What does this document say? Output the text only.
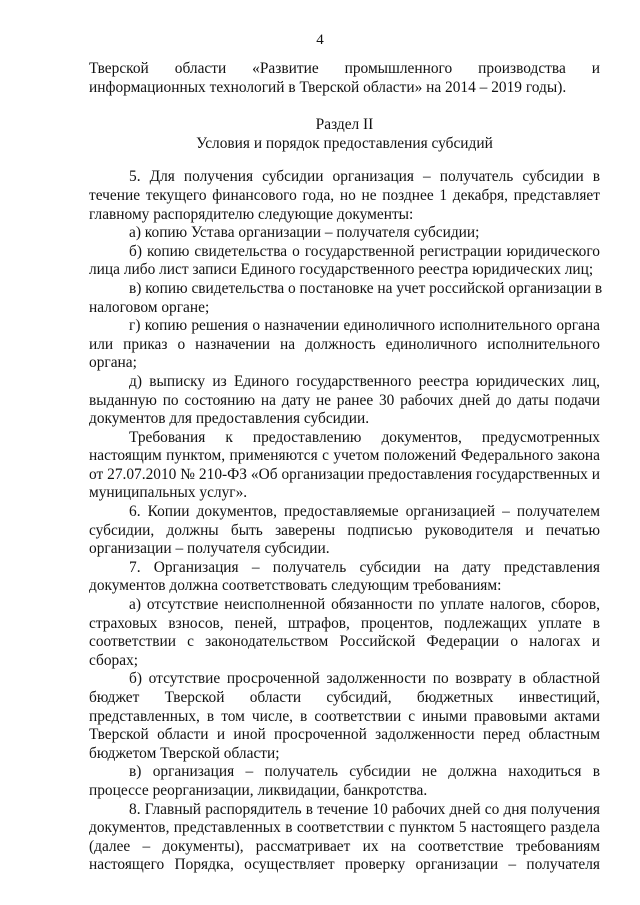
4
Тверской области «Развитие промышленного производства и
информационных технологий в Тверской области» на 2014 – 2019 годы).
Раздел II
Условия и порядок предоставления субсидий
5. Для получения субсидии организация – получатель субсидии в
течение текущего финансового года, но не позднее 1 декабря, представляет
главному распорядителю следующие документы:
а) копию Устава организации – получателя субсидии;
б) копию свидетельства о государственной регистрации юридического
лица либо лист записи Единого государственного реестра юридических лиц;
в) копию свидетельства о постановке на учет российской организации в
налоговом органе;
г) копию решения о назначении единоличного исполнительного органа
или приказ о назначении на должность единоличного исполнительного
органа;
д) выписку из Единого государственного реестра юридических лиц,
выданную по состоянию на дату не ранее 30 рабочих дней до даты подачи
документов для предоставления субсидии.
Требования к предоставлению документов, предусмотренных
настоящим пунктом, применяются с учетом положений Федерального закона
от 27.07.2010 № 210-ФЗ «Об организации предоставления государственных и
муниципальных услуг».
6. Копии документов, предоставляемые организацией – получателем
субсидии, должны быть заверены подписью руководителя и печатью
организации – получателя субсидии.
7. Организация – получатель субсидии на дату представления
документов должна соответствовать следующим требованиям:
а) отсутствие неисполненной обязанности по уплате налогов, сборов,
страховых взносов, пеней, штрафов, процентов, подлежащих уплате в
соответствии с законодательством Российской Федерации о налогах и
сборах;
б) отсутствие просроченной задолженности по возврату в областной
бюджет Тверской области субсидий, бюджетных инвестиций,
представленных, в том числе, в соответствии с иными правовыми актами
Тверской области и иной просроченной задолженности перед областным
бюджетом Тверской области;
в) организация – получатель субсидии не должна находиться в
процессе реорганизации, ликвидации, банкротства.
8. Главный распорядитель в течение 10 рабочих дней со дня получения
документов, представленных в соответствии с пунктом 5 настоящего раздела
(далее – документы), рассматривает их на соответствие требованиям
настоящего Порядка, осуществляет проверку организации – получателя
